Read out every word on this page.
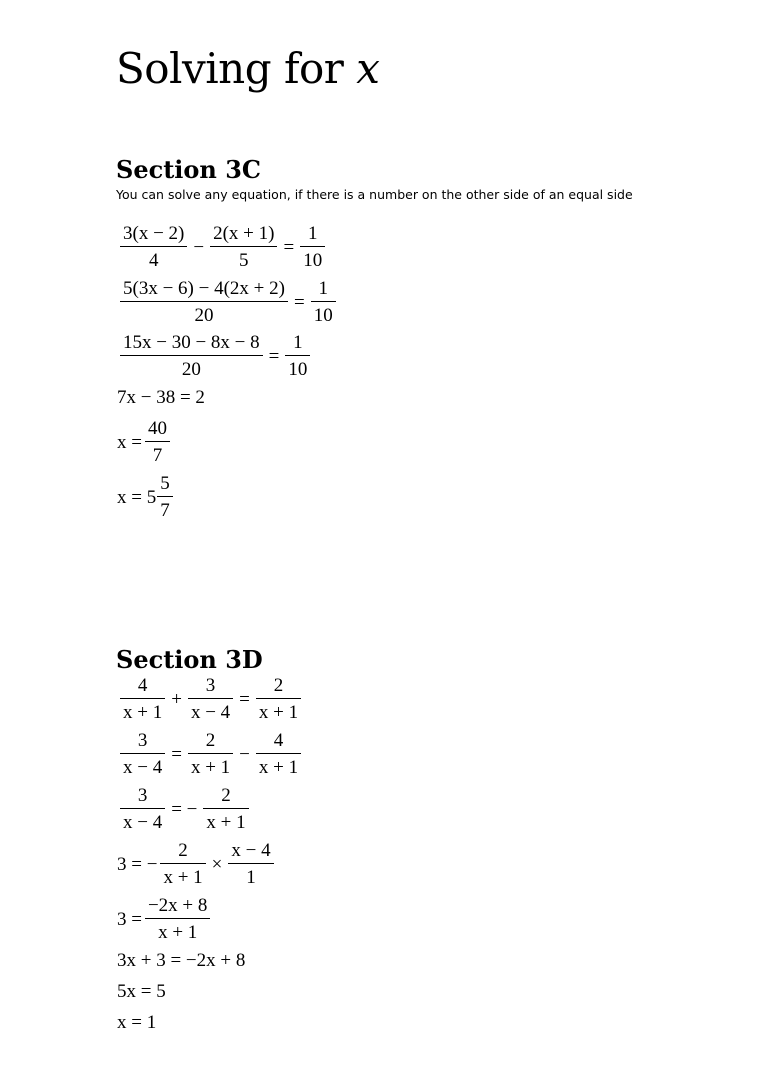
Solving for x
Section 3C

You can solve any equation, if there is a number on the other side of an equal side

$\frac{3(x - 2)}{4} - \frac{2(x + 1)}{5} = \frac{1}{10}$
$\frac{5(3x - 6) - 4(2x + 2)}{20} = \frac{1}{10}$
$\frac{15x - 30 - 8x - 8}{20} = \frac{1}{10}$
7x − 38 = 2
$x = \frac{40}{7}$
$x = 5 \frac{5}{7}$
Section 3D
$\frac{4}{x + 1} + \frac{3}{x - 4} = \frac{2}{x + 1}$
$\frac{3}{x - 4} = \frac{2}{x + 1} - \frac{4}{x + 1}$
$\frac{3}{x - 4}$ = − $\frac{2}{x + 1}$
3 = − $\frac{2}{x + 1} \times \frac{x - 4}{1}$
$3 = \frac{-2x + 8}{x + 1}$
3x + 3 = −2x + 8
5x = 5
x = 1
